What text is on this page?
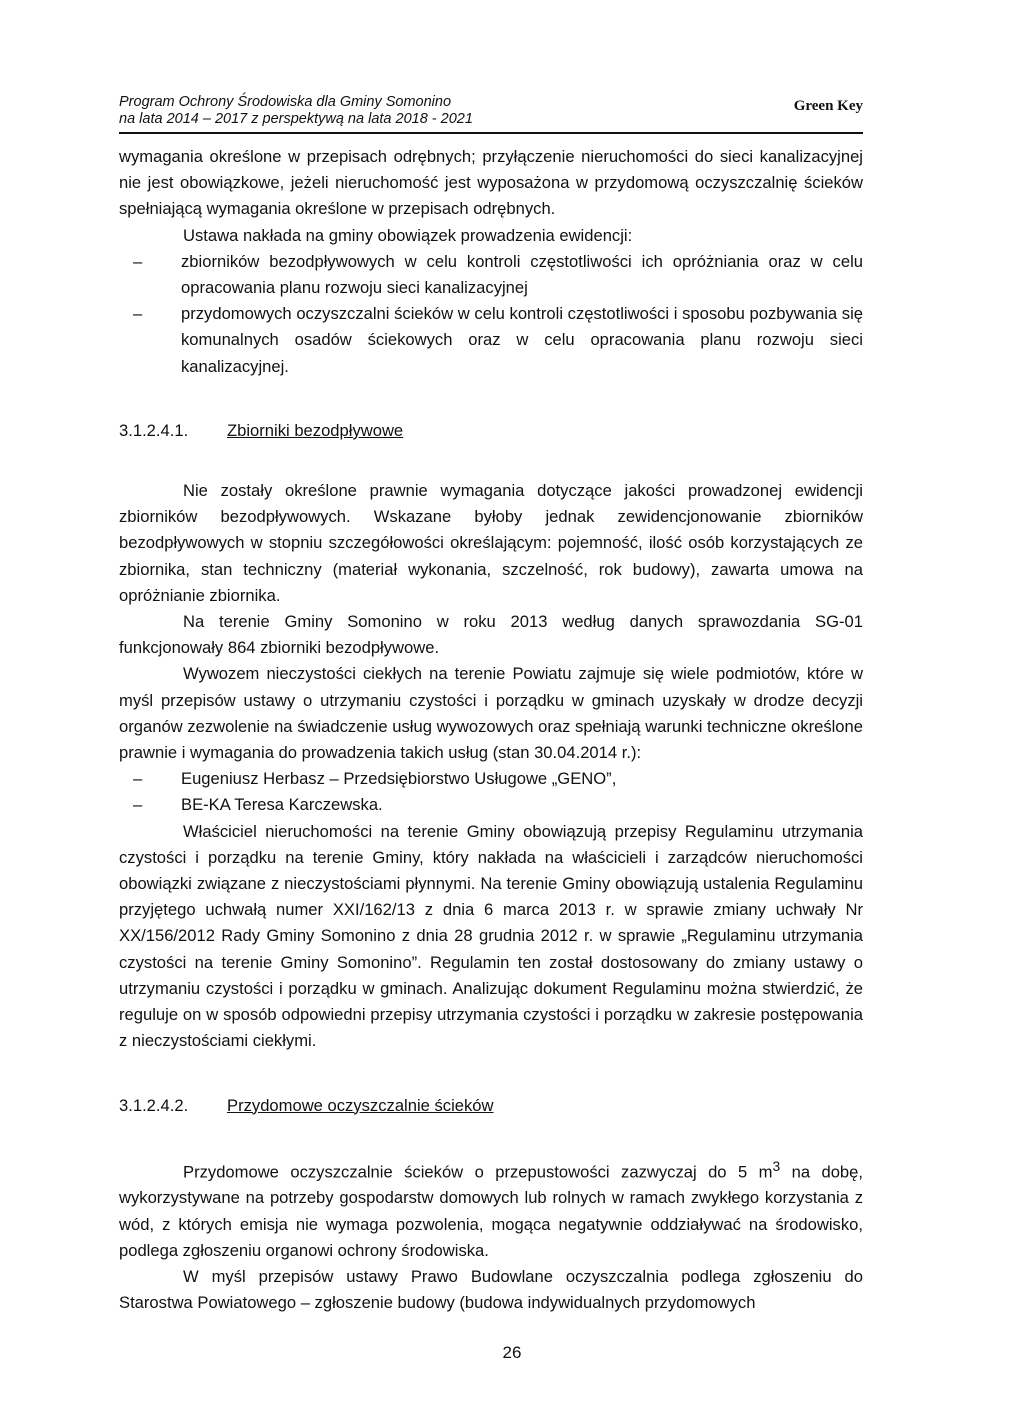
Program Ochrony Środowiska dla Gminy Somonino
na lata 2014 – 2017 z perspektywą na lata 2018 - 2021
Green Key

wymagania określone w przepisach odrębnych; przyłączenie nieruchomości do sieci kanalizacyjnej nie jest obowiązkowe, jeżeli nieruchomość jest wyposażona w przydomową oczyszczalnię ścieków spełniającą wymagania określone w przepisach odrębnych.

Ustawa nakłada na gminy obowiązek prowadzenia ewidencji:

– zbiorników bezodpływowych w celu kontroli częstotliwości ich opróżniania oraz w celu opracowania planu rozwoju sieci kanalizacyjnej
– przydomowych oczyszczalni ścieków w celu kontroli częstotliwości i sposobu pozbywania się komunalnych osadów ściekowych oraz w celu opracowania planu rozwoju sieci kanalizacyjnej.

3.1.2.4.1. Zbiorniki bezodpływowe

Nie zostały określone prawnie wymagania dotyczące jakości prowadzonej ewidencji zbiorników bezodpływowych. Wskazane byłoby jednak zewidencjonowanie zbiorników bezodpływowych w stopniu szczegółowości określającym: pojemność, ilość osób korzystających ze zbiornika, stan techniczny (materiał wykonania, szczelność, rok budowy), zawarta umowa na opróżnianie zbiornika.

Na terenie Gminy Somonino w roku 2013 według danych sprawozdania SG-01 funkcjonowały 864 zbiorniki bezodpływowe.

Wywozem nieczystości ciekłych na terenie Powiatu zajmuje się wiele podmiotów, które w myśl przepisów ustawy o utrzymaniu czystości i porządku w gminach uzyskały w drodze decyzji organów zezwolenie na świadczenie usług wywozowych oraz spełniają warunki techniczne określone prawnie i wymagania do prowadzenia takich usług (stan 30.04.2014 r.):

– Eugeniusz Herbasz – Przedsiębiorstwo Usługowe „GENO”,
– BE-KA Teresa Karczewska.

Właściciel nieruchomości na terenie Gminy obowiązują przepisy Regulaminu utrzymania czystości i porządku na terenie Gminy, który nakłada na właścicieli i zarządców nieruchomości obowiązki związane z nieczystościami płynnymi. Na terenie Gminy obowiązują ustalenia Regulaminu przyjętego uchwałą numer XXI/162/13 z dnia 6 marca 2013 r. w sprawie zmiany uchwały Nr XX/156/2012 Rady Gminy Somonino z dnia 28 grudnia 2012 r. w sprawie „Regulaminu utrzymania czystości na terenie Gminy Somonino”. Regulamin ten został dostosowany do zmiany ustawy o utrzymaniu czystości i porządku w gminach. Analizując dokument Regulaminu można stwierdzić, że reguluje on w sposób odpowiedni przepisy utrzymania czystości i porządku w zakresie postępowania z nieczystościami ciekłymi.

3.1.2.4.2. Przydomowe oczyszczalnie ścieków

Przydomowe oczyszczalnie ścieków o przepustowości zazwyczaj do 5 $m^3$ na dobę, wykorzystywane na potrzeby gospodarstw domowych lub rolnych w ramach zwykłego korzystania z wód, z których emisja nie wymaga pozwolenia, mogąca negatywnie oddziaływać na środowisko, podlega zgłoszeniu organowi ochrony środowiska.

W myśl przepisów ustawy Prawo Budowlane oczyszczalnia podlega zgłoszeniu do Starostwa Powiatowego – zgłoszenie budowy (budowa indywidualnych przydomowych

26
